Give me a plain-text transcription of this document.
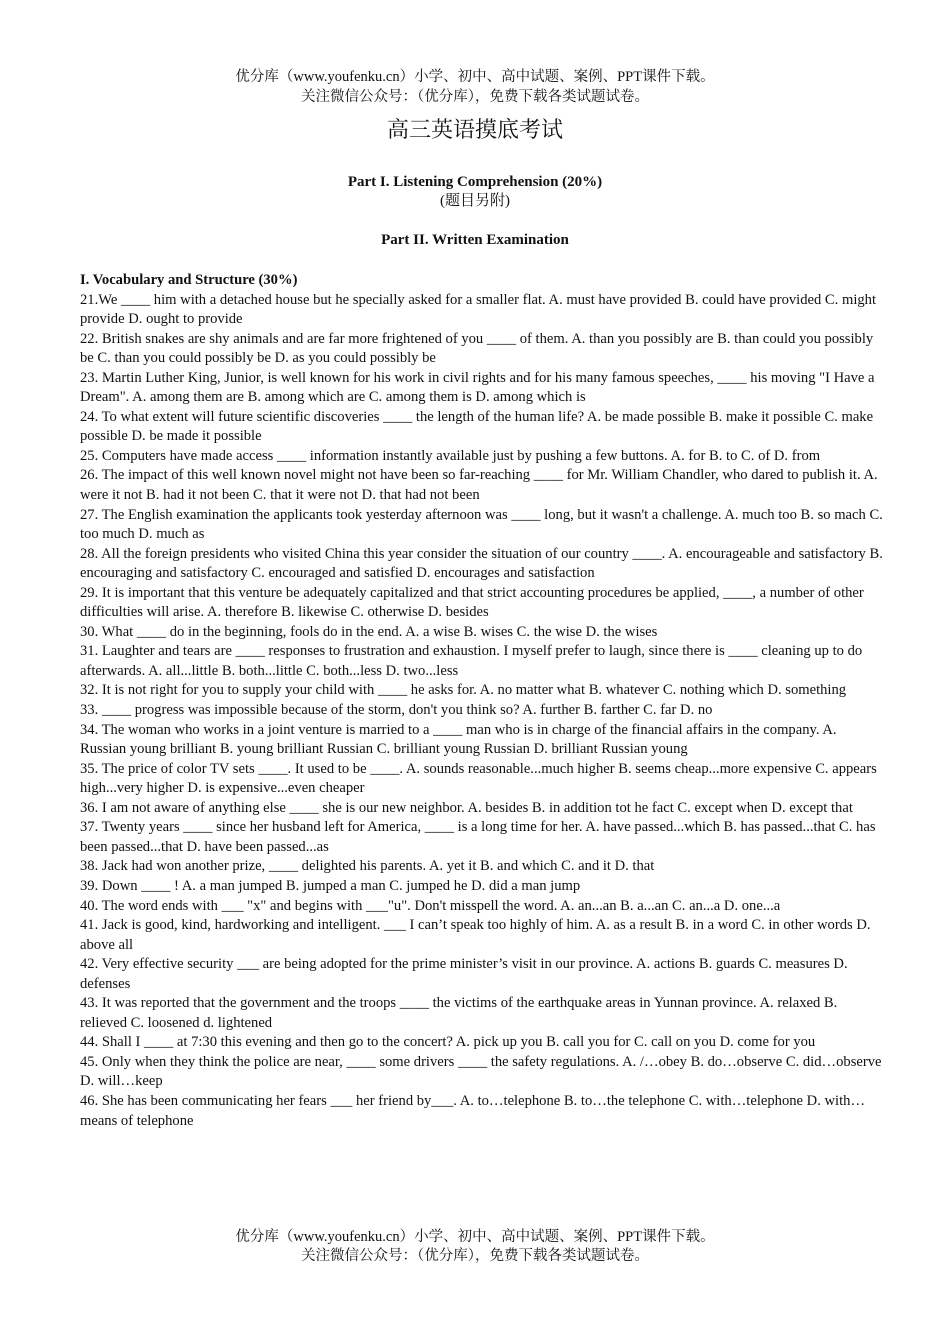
优分库（www.youfenku.cn）小学、初中、高中试题、案例、PPT课件下载。
关注微信公众号：（优分库），免费下载各类试题试卷。
高三英语摸底考试
Part I. Listening Comprehension (20%)
(题目另附)
Part II. Written Examination
I. Vocabulary and Structure (30%)

21.We ____ him with a detached house but he specially asked for a smaller flat. A. must have provided B. could have provided C. might provide D. ought to provide

22. British snakes are shy animals and are far more frightened of you ____ of them. A. than you possibly are B. than could you possibly be C. than you could possibly be D. as you could possibly be

23. Martin Luther King, Junior, is well known for his work in civil rights and for his many famous speeches, ____ his moving "I Have a Dream". A. among them are B. among which are C. among them is D. among which is

24. To what extent will future scientific discoveries ____ the length of the human life? A. be made possible B. make it possible C. make possible D. be made it possible

25. Computers have made access ____ information instantly available just by pushing a few buttons. A. for B. to C. of D. from

26. The impact of this well known novel might not have been so far-reaching ____ for Mr. William Chandler, who dared to publish it. A. were it not B. had it not been C. that it were not D. that had not been

27. The English examination the applicants took yesterday afternoon was ____ long, but it wasn't a challenge. A. much too B. so mach C. too much D. much as

28. All the foreign presidents who visited China this year consider the situation of our country ____. A. encourageable and satisfactory B. encouraging and satisfactory C. encouraged and satisfied D. encourages and satisfaction

29. It is important that this venture be adequately capitalized and that strict accounting procedures be applied, ____, a number of other difficulties will arise. A. therefore B. likewise C. otherwise D. besides

30. What ____ do in the beginning, fools do in the end. A. a wise B. wises C. the wise D. the wises

31. Laughter and tears are ____ responses to frustration and exhaustion. I myself prefer to laugh, since there is ____ cleaning up to do afterwards. A. all...little B. both...little C. both...less D. two...less

32. It is not right for you to supply your child with ____ he asks for. A. no matter what B. whatever C. nothing which D. something

33. ____ progress was impossible because of the storm, don't you think so? A. further B. farther C. far D. no

34. The woman who works in a joint venture is married to a ____ man who is in charge of the financial affairs in the company. A. Russian young brilliant B. young brilliant Russian C. brilliant young Russian D. brilliant Russian young

35. The price of color TV sets ____. It used to be ____. A. sounds reasonable...much higher B. seems cheap...more expensive C. appears high...very higher D. is expensive...even cheaper

36. I am not aware of anything else ____ she is our new neighbor. A. besides B. in addition tot he fact C. except when D. except that

37. Twenty years ____ since her husband left for America, ____ is a long time for her. A. have passed...which B. has passed...that C. has been passed...that D. have been passed...as

38. Jack had won another prize, ____ delighted his parents. A. yet it B. and which C. and it D. that

39. Down ____ ! A. a man jumped B. jumped a man C. jumped he D. did a man jump

40. The word ends with ___ "x" and begins with ___"u". Don't misspell the word. A. an...an B. a...an C. an...a D. one...a

41. Jack is good, kind, hardworking and intelligent. ___ I can’t speak too highly of him. A. as a result B. in a word C. in other words D. above all

42. Very effective security ___ are being adopted for the prime minister’s visit in our province. A. actions B. guards C. measures D. defenses

43. It was reported that the government and the troops ____ the victims of the earthquake areas in Yunnan province. A. relaxed B. relieved C. loosened d. lightened

44. Shall I ____ at 7:30 this evening and then go to the concert? A. pick up you B. call you for C. call on you D. come for you

45. Only when they think the police are near, ____ some drivers ____ the safety regulations. A. /…obey B. do…observe C. did…observe D. will…keep

46. She has been communicating her fears ___ her friend by___. A. to…telephone B. to…the telephone C. with…telephone D. with…means of telephone

优分库（www.youfenku.cn）小学、初中、高中试题、案例、PPT课件下载。
关注微信公众号：（优分库），免费下载各类试题试卷。
